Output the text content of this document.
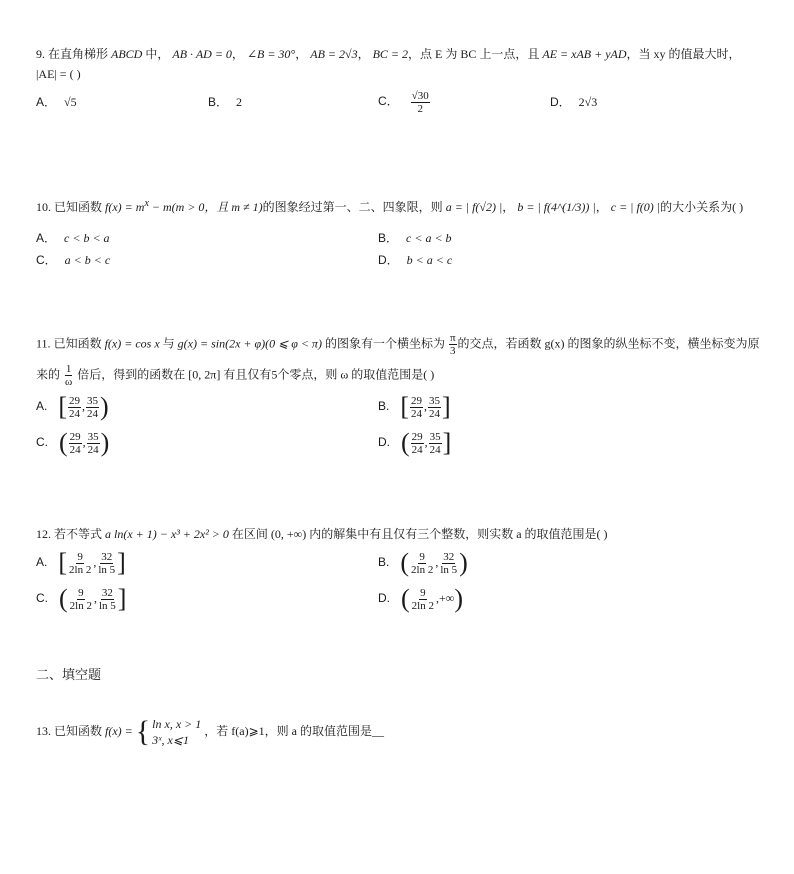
9. 在直角梯形 ABCD 中， AB · AD = 0， ∠B = 30°， AB = 2√3， BC = 2，点 E 为 BC 上一点，且 AE = xAB + yAD，当 xy 的值最大时，
|AE| = ( )
A． √5	B． 2	C． $\frac{√30}{2}$	D． 2√3
10. 已知函数 $f(x) = m^x - m(m > 0$，且 m ≠ 1)的图象经过第一、二、四象限，则 a = | f(√2) |， b = | f(4^(1/3)) |， c = | f(0) |的大小关系为( )
A． c < b < a	B． c < a < b
C． a < b < c	D． b < a < c
11. 已知函数 f(x) = cos x 与 g(x) = sin(2x + φ)(0 ⩽ φ < π) 的图象有一个横坐标为 $\frac{\pi}{3}$ 的交点，若函数 g(x) 的图象的纵坐标不变，横坐标变为原
来的 $\frac{1}{\omega}$ 倍后，得到的函数在 [0, 2π] 有且仅有5个零点，则 ω 的取值范围是( )
A. [ $\frac{29}{24}$ , $\frac{35}{24}$ )	B. [ $\frac{29}{24}$ , $\frac{35}{24}$ ]
C. ( $\frac{29}{24}$ , $\frac{35}{24}$ )	D. ( $\frac{29}{24}$ , $\frac{35}{24}$ ]
12. 若不等式 a ln(x + 1) − x³ + 2x² > 0 在区间 (0, +∞) 内的解集中有且仅有三个整数，则实数 a 的取值范围是( )
A. [ $\frac{9}{2\ln 2}$ , $\frac{32}{\ln 5}$ ]	B. ( $\frac{9}{2\ln 2}$ , $\frac{32}{\ln 5}$ )
C. ( $\frac{9}{2\ln 2}$ , $\frac{32}{\ln 5}$ ]	D. ( $\frac{9}{2\ln 2}$ ,+∞)
二、填空题
13. 已知函数 f(x) = { ln x, x > 1
3ˣ, x⩽1
，若 f(a)⩾1，则 a 的取值范围是__
